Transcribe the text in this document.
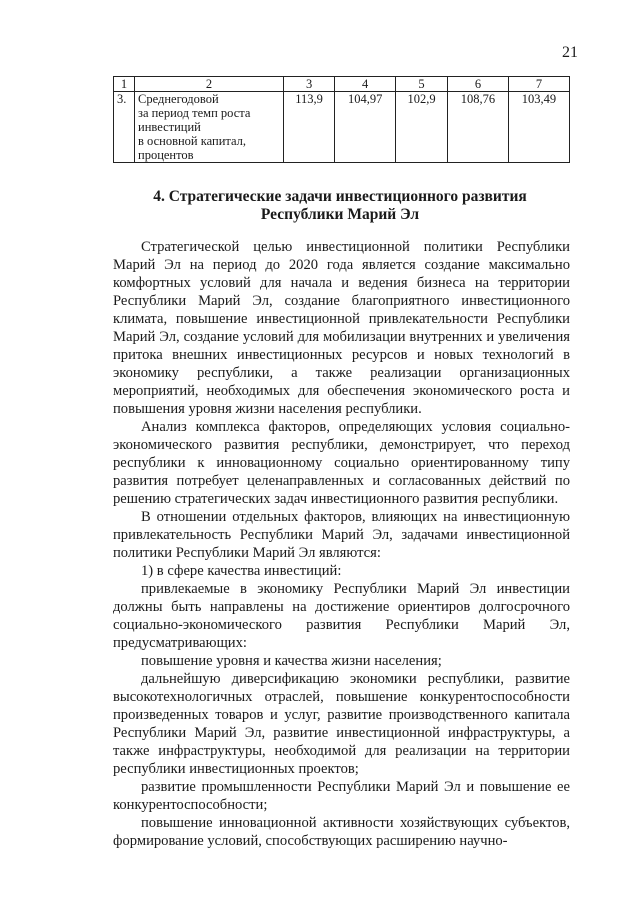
21
1	2	3	4	5	6	7
3.	Среднегодовой
за период темп роста
инвестиций
в основной капитал,
процентов	113,9	104,97	102,9	108,76	103,49
4. Стратегические задачи инвестиционного развития
Республики Марий Эл

Стратегической целью инвестиционной политики Республики Марий Эл на период до 2020 года является создание максимально комфортных условий для начала и ведения бизнеса на территории Республики Марий Эл, создание благоприятного инвестиционного климата, повышение инвестиционной привлекательности Республики Марий Эл, создание условий для мобилизации внутренних и увеличения притока внешних инвестиционных ресурсов и новых технологий в экономику республики, а также реализации организационных мероприятий, необходимых для обеспечения экономического роста и повышения уровня жизни населения республики.

Анализ комплекса факторов, определяющих условия социально-экономического развития республики, демонстрирует, что переход республики к инновационному социально ориентированному типу развития потребует целенаправленных и согласованных действий по решению стратегических задач инвестиционного развития республики.

В отношении отдельных факторов, влияющих на инвестиционную привлекательность Республики Марий Эл, задачами инвестиционной политики Республики Марий Эл являются:

1) в сфере качества инвестиций:

привлекаемые в экономику Республики Марий Эл инвестиции должны быть направлены на достижение ориентиров долгосрочного социально-экономического развития Республики Марий Эл, предусматривающих:

повышение уровня и качества жизни населения;

дальнейшую диверсификацию экономики республики, развитие высокотехнологичных отраслей, повышение конкурентоспособности произведенных товаров и услуг, развитие производственного капитала Республики Марий Эл, развитие инвестиционной инфраструктуры, а также инфраструктуры, необходимой для реализации на территории республики инвестиционных проектов;

развитие промышленности Республики Марий Эл и повышение ее конкурентоспособности;

повышение инновационной активности хозяйствующих субъектов, формирование условий, способствующих расширению научно-
